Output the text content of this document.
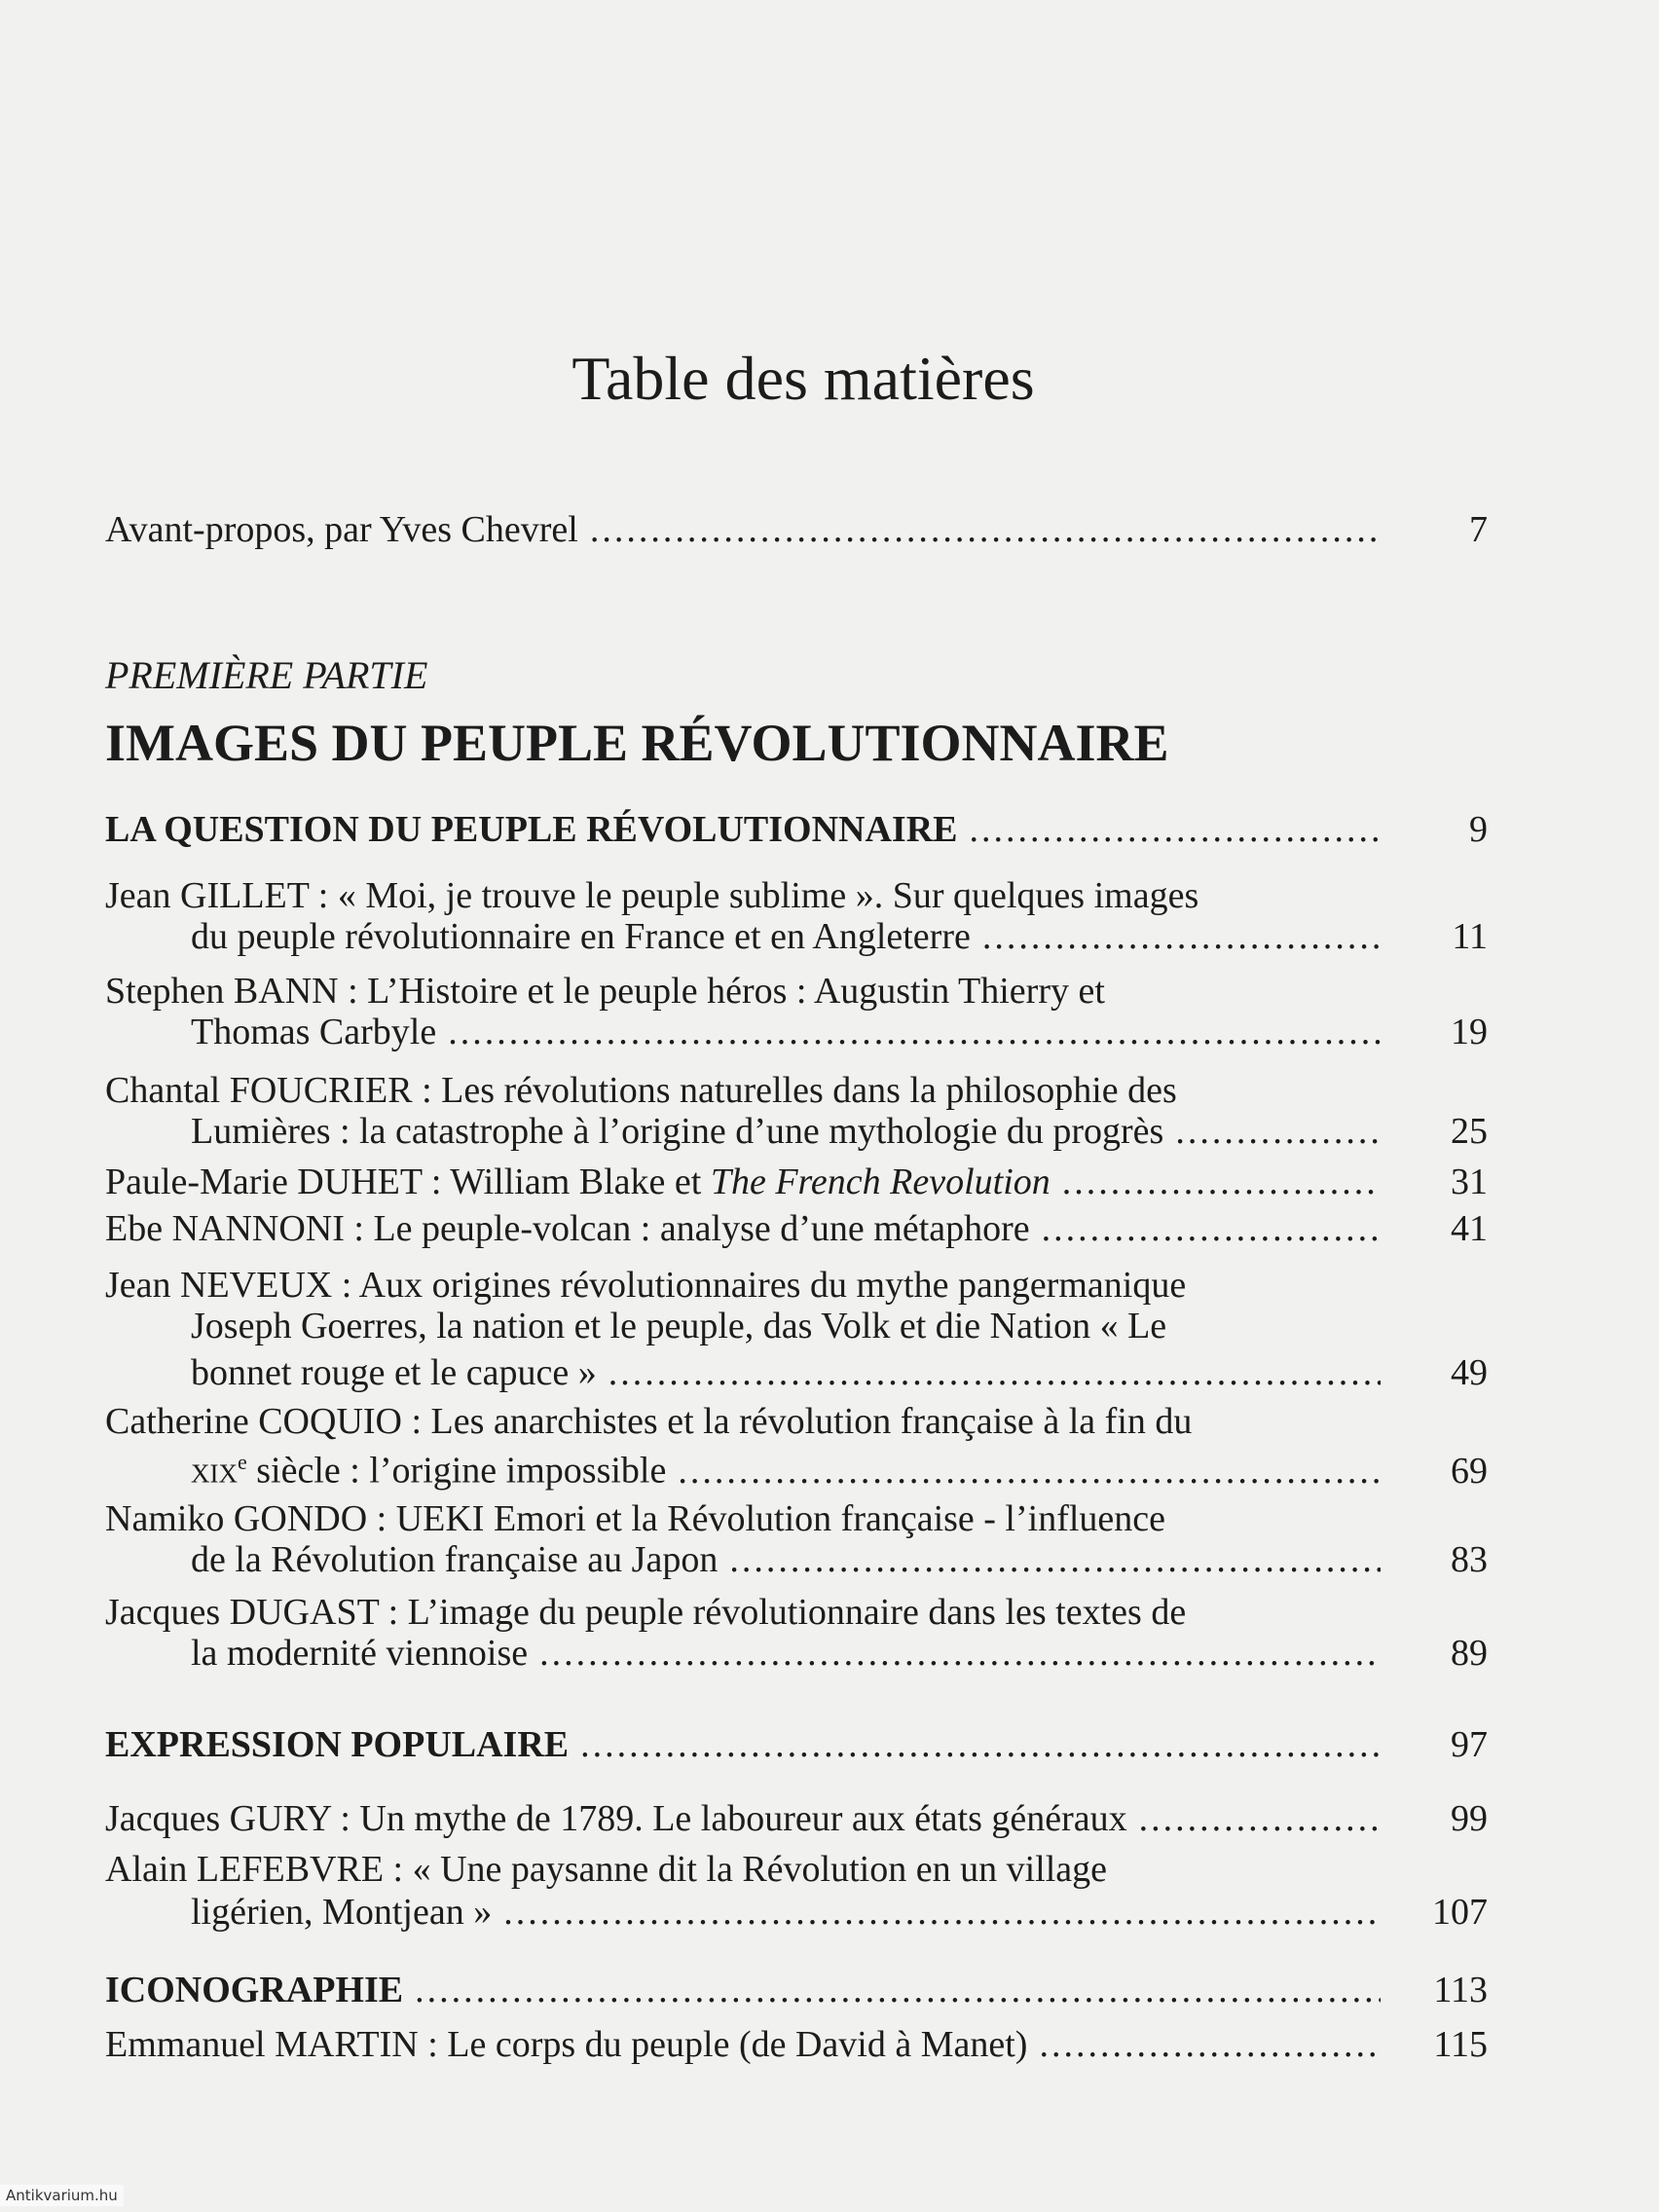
Table des matières
Avant-propos, par Yves Chevrel .....	7
PREMIÈRE PARTIE
IMAGES DU PEUPLE RÉVOLUTIONNAIRE
LA QUESTION DU PEUPLE RÉVOLUTIONNAIRE .....	9
Jean GILLET : « Moi, je trouve le peuple sublime ». Sur quelques images
du peuple révolutionnaire en France et en Angleterre .....	11
Stephen BANN : L’Histoire et le peuple héros : Augustin Thierry et
Thomas Carbyle .....	19
Chantal FOUCRIER : Les révolutions naturelles dans la philosophie des
Lumières : la catastrophe à l’origine d’une mythologie du progrès .....	25
Paule-Marie DUHET : William Blake et The French Revolution .....	31
Ebe NANNONI : Le peuple-volcan : analyse d’une métaphore .....	41
Jean NEVEUX : Aux origines révolutionnaires du mythe pangermanique
Joseph Goerres, la nation et le peuple, das Volk et die Nation « Le
bonnet rouge et le capuce » .....	49
Catherine COQUIO : Les anarchistes et la révolution française à la fin du
xix$^e$ siècle : l’origine impossible .....	69
Namiko GONDO : UEKI Emori et la Révolution française - l’influence
de la Révolution française au Japon .....	83
Jacques DUGAST : L’image du peuple révolutionnaire dans les textes de
la modernité viennoise .....	89
EXPRESSION POPULAIRE .....	97
Jacques GURY : Un mythe de 1789. Le laboureur aux états généraux .....	99
Alain LEFEBVRE : « Une paysanne dit la Révolution en un village
ligérien, Montjean » .....	107
ICONOGRAPHIE .....	113
Emmanuel MARTIN : Le corps du peuple (de David à Manet) .....	115
Antikvarium.hu
